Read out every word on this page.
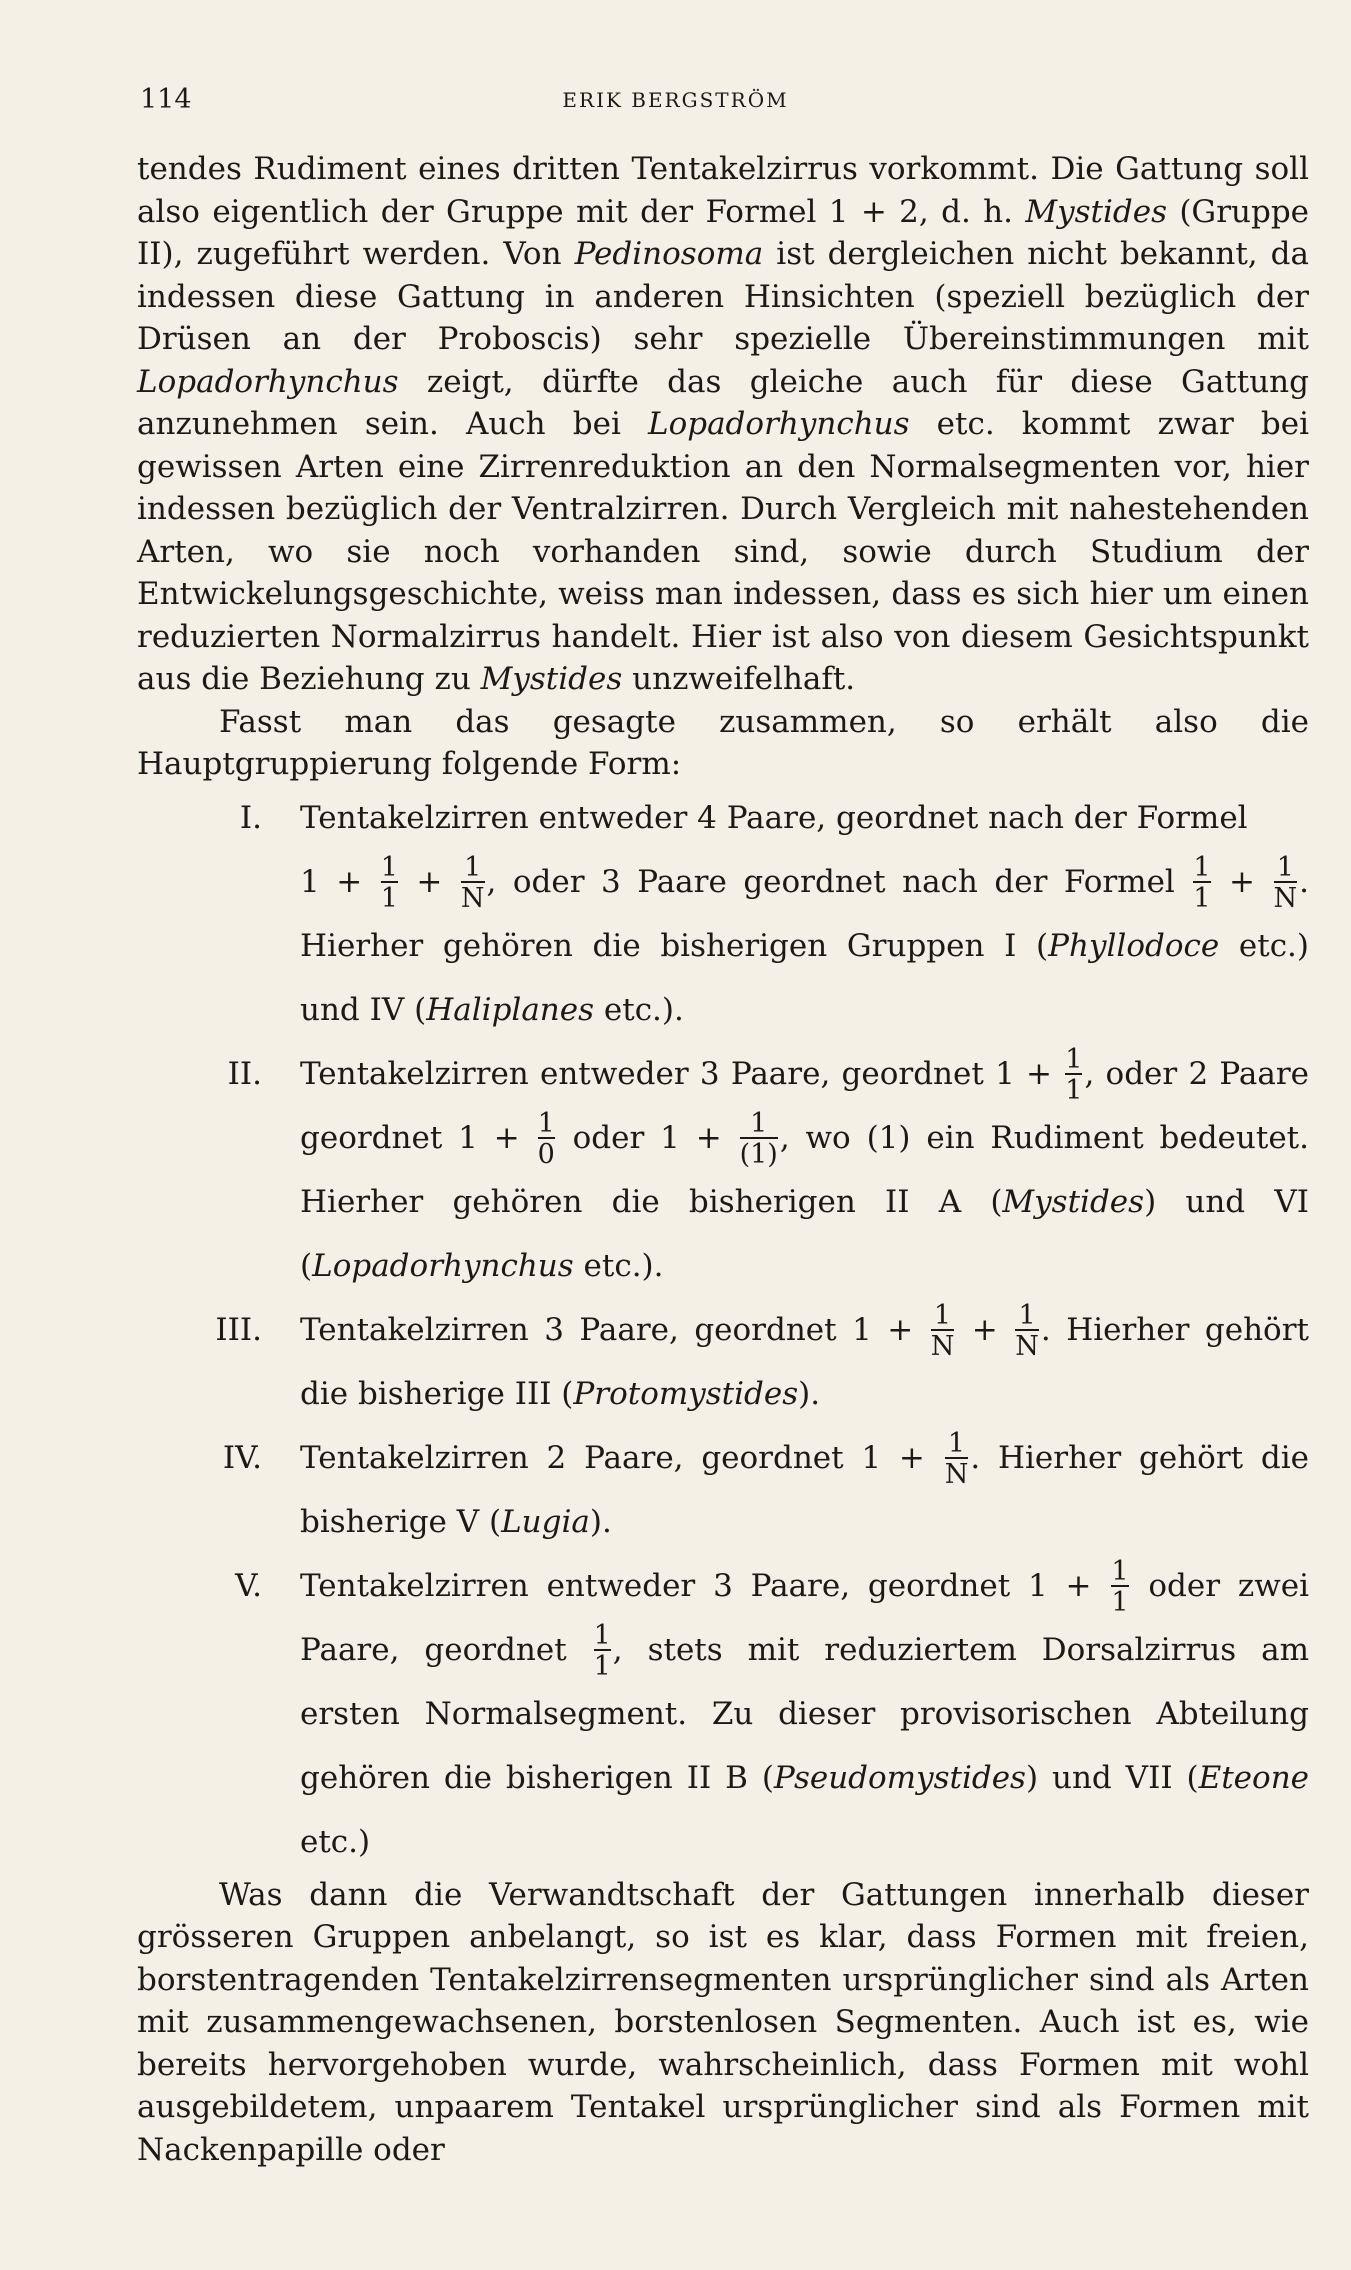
114	ERIK BERGSTRÖM

tendes Rudiment eines dritten Tentakelzirrus vorkommt. Die Gattung soll also eigentlich der Gruppe mit der Formel 1 + 2, d. h. Mystides (Gruppe II), zugeführt werden. Von Pedinosoma ist dergleichen nicht bekannt, da indessen diese Gattung in anderen Hinsichten (speziell bezüglich der Drüsen an der Proboscis) sehr spezielle Übereinstimmungen mit Lopadorhynchus zeigt, dürfte das gleiche auch für diese Gattung anzunehmen sein. Auch bei Lopadorhynchus etc. kommt zwar bei gewissen Arten eine Zirrenreduktion an den Normalsegmenten vor, hier indessen bezüglich der Ventralzirren. Durch Vergleich mit nahestehenden Arten, wo sie noch vorhanden sind, sowie durch Studium der Entwickelungsgeschichte, weiss man indessen, dass es sich hier um einen reduzierten Normalzirrus handelt. Hier ist also von diesem Gesichtspunkt aus die Beziehung zu Mystides unzweifelhaft.

Fasst man das gesagte zusammen, so erhält also die Hauptgruppierung folgende Form:

I. Tentakelzirren entweder 4 Paare, geordnet nach der Formel
$1 + \frac{1}{1} + \frac{1}{N}$ , oder 3 Paare geordnet nach der Formel $\frac{1}{1} + \frac{1}{N}$ . Hierher gehören die bisherigen Gruppen I (Phyllodoce etc.) und IV (Haliplanes etc.).

II. Tentakelzirren entweder 3 Paare, geordnet $1 + \frac{1}{1}$ , oder 2 Paare geordnet $1 + \frac{1}{0}$ oder $1 + \frac{1}{(1)}$ , wo (1) ein Rudiment bedeutet. Hierher gehören die bisherigen II A (Mystides) und VI (Lopadorhynchus etc.).

III. Tentakelzirren 3 Paare, geordnet $1 + \frac{1}{N} + \frac{1}{N}$ . Hierher gehört die bisherige III (Protomystides).

IV. Tentakelzirren 2 Paare, geordnet $1 + \frac{1}{N}$ . Hierher gehört die bisherige V (Lugia).

V. Tentakelzirren entweder 3 Paare, geordnet $1 + \frac{1}{1}$ oder zwei Paare, geordnet $\frac{1}{1}$ , stets mit reduziertem Dorsalzirrus am ersten Normalsegment. Zu dieser provisorischen Abteilung gehören die bisherigen II B (Pseudomystides) und VII (Eteone etc.)

Was dann die Verwandtschaft der Gattungen innerhalb dieser grösseren Gruppen anbelangt, so ist es klar, dass Formen mit freien, borstentragenden Tentakelzirrensegmenten ursprünglicher sind als Arten mit zusammengewachsenen, borstenlosen Segmenten. Auch ist es, wie bereits hervorgehoben wurde, wahrscheinlich, dass Formen mit wohl ausgebildetem, unpaarem Tentakel ursprünglicher sind als Formen mit Nackenpapille oder
